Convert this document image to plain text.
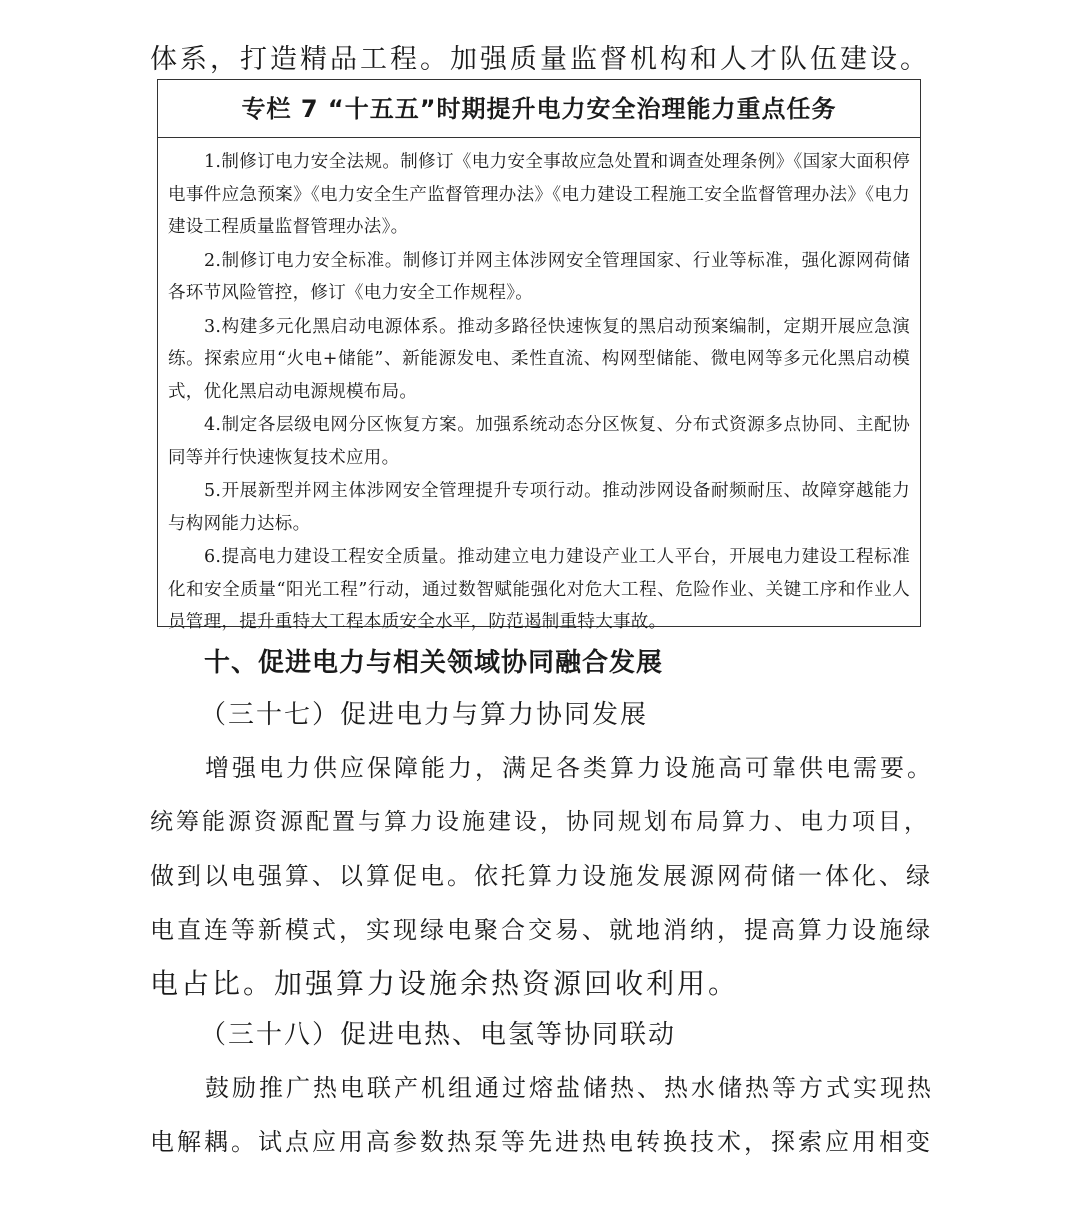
体系，打造精品工程。加强质量监督机构和人才队伍建设。
专栏 7 “十五五”时期提升电力安全治理能力重点任务
1.制修订电力安全法规。制修订《电力安全事故应急处置和调查处理条例》《国家大面积停电事件应急预案》《电力安全生产监督管理办法》《电力建设工程施工安全监督管理办法》《电力建设工程质量监督管理办法》。
2.制修订电力安全标准。制修订并网主体涉网安全管理国家、行业等标准，强化源网荷储各环节风险管控，修订《电力安全工作规程》。
3.构建多元化黑启动电源体系。推动多路径快速恢复的黑启动预案编制，定期开展应急演练。探索应用“火电+储能”、新能源发电、柔性直流、构网型储能、微电网等多元化黑启动模式，优化黑启动电源规模布局。
4.制定各层级电网分区恢复方案。加强系统动态分区恢复、分布式资源多点协同、主配协同等并行快速恢复技术应用。
5.开展新型并网主体涉网安全管理提升专项行动。推动涉网设备耐频耐压、故障穿越能力与构网能力达标。
6.提高电力建设工程安全质量。推动建立电力建设产业工人平台，开展电力建设工程标准化和安全质量“阳光工程”行动，通过数智赋能强化对危大工程、危险作业、关键工序和作业人员管理，提升重特大工程本质安全水平，防范遏制重特大事故。
十、促进电力与相关领域协同融合发展
（三十七）促进电力与算力协同发展
增强电力供应保障能力，满足各类算力设施高可靠供电需要。
统筹能源资源配置与算力设施建设，协同规划布局算力、电力项目，
做到以电强算、以算促电。依托算力设施发展源网荷储一体化、绿
电直连等新模式，实现绿电聚合交易、就地消纳，提高算力设施绿
电占比。加强算力设施余热资源回收利用。
（三十八）促进电热、电氢等协同联动
鼓励推广热电联产机组通过熔盐储热、热水储热等方式实现热
电解耦。试点应用高参数热泵等先进热电转换技术，探索应用相变
